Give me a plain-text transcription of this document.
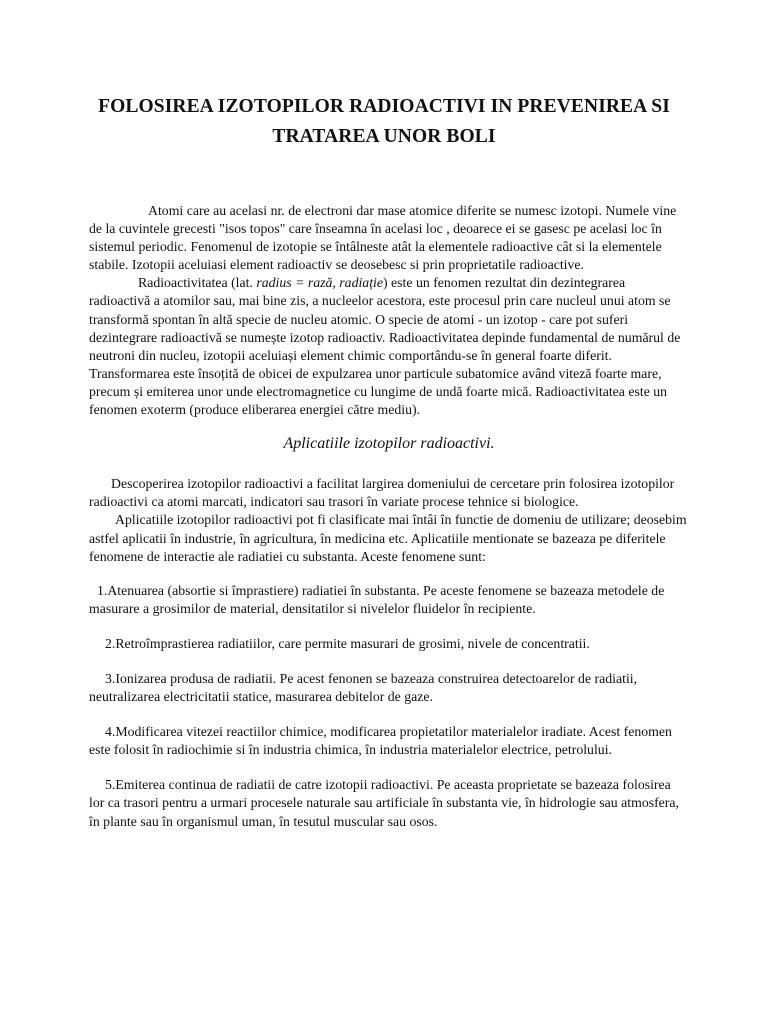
FOLOSIREA IZOTOPILOR RADIOACTIVI IN PREVENIREA SI TRATAREA UNOR BOLI

Atomi care au acelasi nr. de electroni dar mase atomice diferite se numesc izotopi. Numele vine de la cuvintele grecesti "isos topos" care înseamna în acelasi loc , deoarece ei se gasesc pe acelasi loc în sistemul periodic. Fenomenul de izotopie se întâlneste atât la elementele radioactive cât si la elementele stabile. Izotopii aceluiasi element radioactiv se deosebesc si prin proprietatile radioactive.

Radioactivitatea (lat. radius = rază, radiație) este un fenomen rezultat din dezintegrarea radioactivă a atomilor sau, mai bine zis, a nucleelor acestora, este procesul prin care nucleul unui atom se transformă spontan în altă specie de nucleu atomic. O specie de atomi - un izotop - care pot suferi dezintegrare radioactivă se numește izotop radioactiv. Radioactivitatea depinde fundamental de numărul de neutroni din nucleu, izotopii aceluiași element chimic comportându-se în general foarte diferit. Transformarea este însoțită de obicei de expulzarea unor particule subatomice având viteză foarte mare, precum și emiterea unor unde electromagnetice cu lungime de undă foarte mică. Radioactivitatea este un fenomen exoterm (produce eliberarea energiei către mediu).

Aplicatiile izotopilor radioactivi.

Descoperirea izotopilor radioactivi a facilitat largirea domeniului de cercetare prin folosirea izotopilor radioactivi ca atomi marcati, indicatori sau trasori în variate procese tehnice si biologice.

Aplicatiile izotopilor radioactivi pot fi clasificate mai întâi în functie de domeniu de utilizare; deosebim astfel aplicatii în industrie, în agricultura, în medicina etc. Aplicatiile mentionate se bazeaza pe diferitele fenomene de interactie ale radiatiei cu substanta. Aceste fenomene sunt:

1.Atenuarea (absortie si împrastiere) radiatiei în substanta. Pe aceste fenomene se bazeaza metodele de masurare a grosimilor de material, densitatilor si nivelelor fluidelor în recipiente.

2.Retroîmprastierea radiatiilor, care permite masurari de grosimi, nivele de concentratii.

3.Ionizarea produsa de radiatii. Pe acest fenonen se bazeaza construirea detectoarelor de radiatii, neutralizarea electricitatii statice, masurarea debitelor de gaze.

4.Modificarea vitezei reactiilor chimice, modificarea propietatilor materialelor iradiate. Acest fenomen este folosit în radiochimie si în industria chimica, în industria materialelor electrice, petrolului.

5.Emiterea continua de radiatii de catre izotopii radioactivi. Pe aceasta proprietate se bazeaza folosirea lor ca trasori pentru a urmari procesele naturale sau artificiale în substanta vie, în hidrologie sau atmosfera, în plante sau în organismul uman, în tesutul muscular sau osos.
